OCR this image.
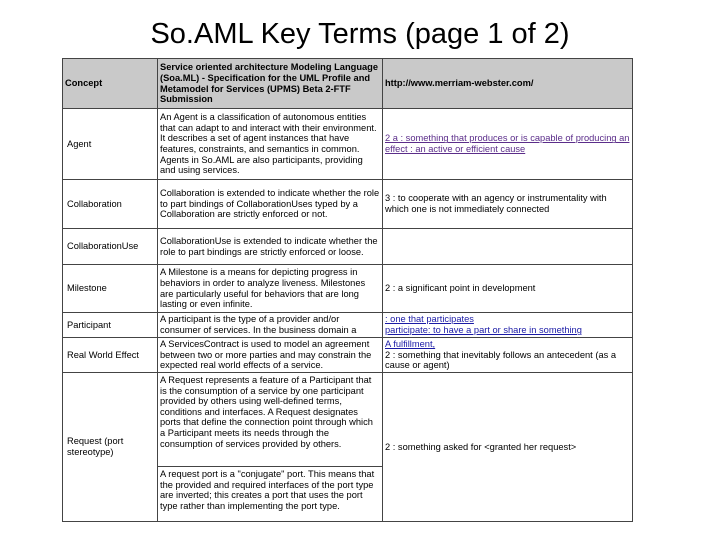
So.AML Key Terms (page 1 of 2)
Concept	Service oriented architecture Modeling Language (Soa.ML) - Specification for the UML Profile and Metamodel for Services (UPMS) Beta 2-FTF Submission	http://www.merriam-webster.com/
Agent	An Agent is a classification of autonomous entities that can adapt to and interact with their environment. It describes a set of agent instances that have features, constraints, and semantics in common. Agents in So.AML are also participants, providing and using services.	2 a : something that produces or is capable of producing an effect : an active or efficient cause
Collaboration	Collaboration is extended to indicate whether the role to part bindings of CollaborationUses typed by a Collaboration are strictly enforced or not.	3 : to cooperate with an agency or instrumentality with which one is not immediately connected
CollaborationUse	CollaborationUse is extended to indicate whether the role to part bindings are strictly enforced or loose.	
Milestone	A Milestone is a means for depicting progress in behaviors in order to analyze liveness. Milestones are particularly useful for behaviors that are long lasting or even infinite.	2 : a significant point in development
Participant	A participant is the type of a provider and/or consumer of services. In the business domain a	: one that participates
participate: to have a part or share in something

Real World Effect	A ServicesContract is used to model an agreement between two or more parties and may constrain the expected real world effects of a service.	A fulfillment,
2 : something that inevitably follows an antecedent (as a cause or agent)

Request (port stereotype)	A Request represents a feature of a Participant that is the consumption of a service by one participant provided by others using well-defined terms, conditions and interfaces. A Request designates ports that define the connection point through which a Participant meets its needs through the consumption of services provided by others.
A request port is a "conjugate" port. This means that the provided and required interfaces of the port type are inverted; this creates a port that uses the port type rather than implementing the port type.	2 : something asked for <granted her request>
